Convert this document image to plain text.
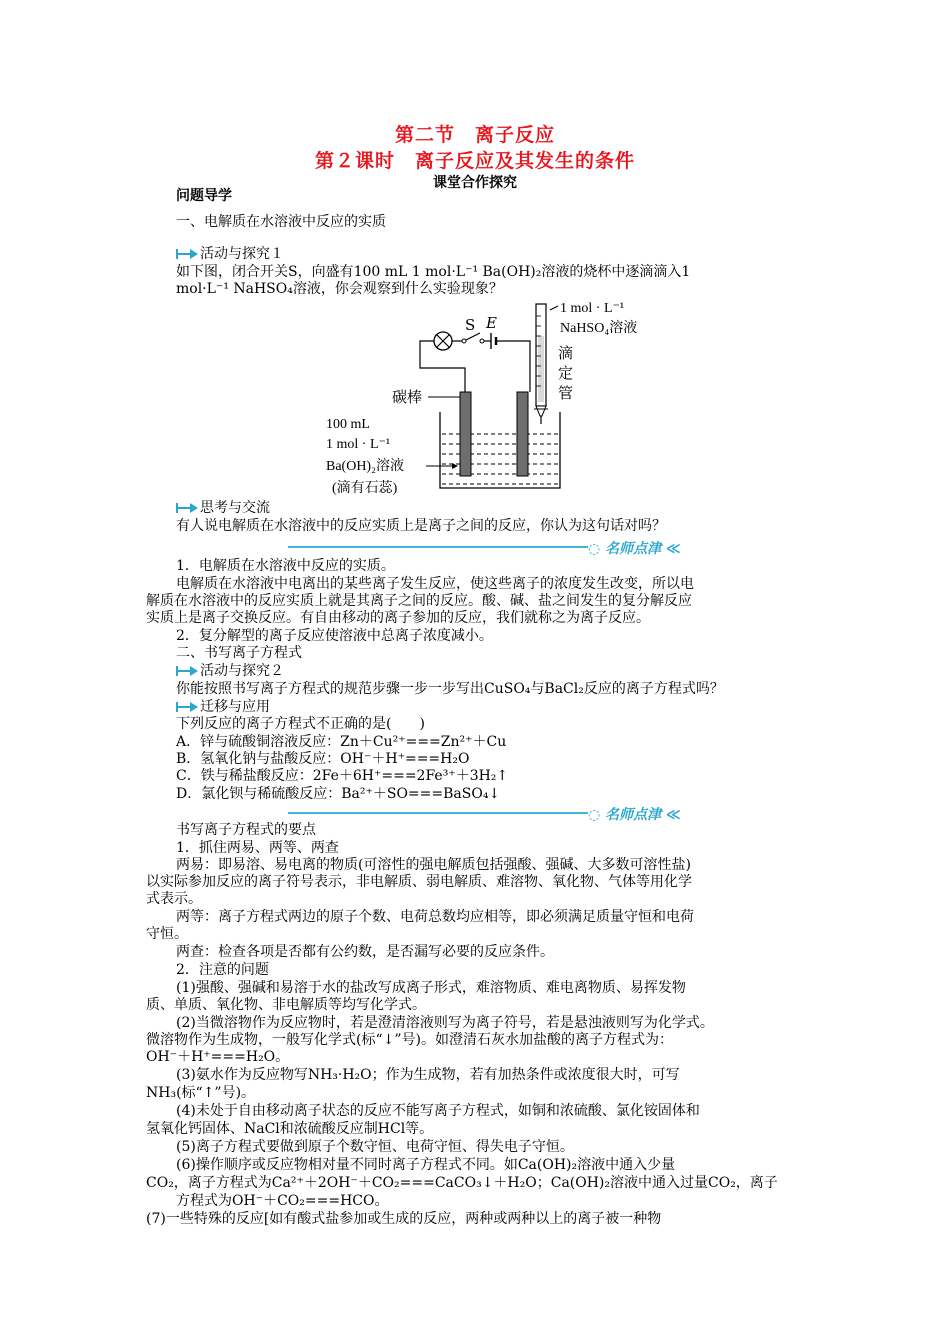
第二节　离子反应
第２课时　离子反应及其发生的条件
课堂合作探究
问题导学
一、电解质在水溶液中反应的实质
活动与探究１
如下图，闭合开关S，向盛有100 mL 1 mol·L⁻¹ Ba(OH)₂溶液的烧杯中逐滴滴入1
mol·L⁻¹ NaHSO₄溶液，你会观察到什么实验现象？
思考与交流
有人说电解质在水溶液中的反应实质上是离子之间的反应，你认为这句话对吗？
1．电解质在水溶液中反应的实质。
电解质在水溶液中电离出的某些离子发生反应，使这些离子的浓度发生改变，所以电
解质在水溶液中的反应实质上就是其离子之间的反应。酸、碱、盐之间发生的复分解反应
实质上是离子交换反应。有自由移动的离子参加的反应，我们就称之为离子反应。
2．复分解型的离子反应使溶液中总离子浓度减小。
二、书写离子方程式
活动与探究２
你能按照书写离子方程式的规范步骤一步一步写出CuSO₄与BaCl₂反应的离子方程式吗？
迁移与应用
下列反应的离子方程式不正确的是(　　)
A．锌与硫酸铜溶液反应：Zn＋Cu²⁺===Zn²⁺＋Cu
B．氢氧化钠与盐酸反应：OH⁻＋H⁺===H₂O
C．铁与稀盐酸反应：2Fe＋6H⁺===2Fe³⁺＋3H₂↑
D．氯化钡与稀硫酸反应：Ba²⁺＋SO===BaSO₄↓
书写离子方程式的要点
1．抓住两易、两等、两查
两易：即易溶、易电离的物质(可溶性的强电解质包括强酸、强碱、大多数可溶性盐)
以实际参加反应的离子符号表示，非电解质、弱电解质、难溶物、氧化物、气体等用化学
式表示。
两等：离子方程式两边的原子个数、电荷总数均应相等，即必须满足质量守恒和电荷
守恒。
两查：检查各项是否都有公约数，是否漏写必要的反应条件。
2．注意的问题
(1)强酸、强碱和易溶于水的盐改写成离子形式，难溶物质、难电离物质、易挥发物
质、单质、氧化物、非电解质等均写化学式。
(2)当微溶物作为反应物时，若是澄清溶液则写为离子符号，若是悬浊液则写为化学式。
微溶物作为生成物，一般写化学式(标“↓”号)。如澄清石灰水加盐酸的离子方程式为：
OH⁻＋H⁺===H₂O。
(3)氨水作为反应物写NH₃·H₂O；作为生成物，若有加热条件或浓度很大时，可写
NH₃(标“↑”号)。
(4)未处于自由移动离子状态的反应不能写离子方程式，如铜和浓硫酸、氯化铵固体和
氢氧化钙固体、NaCl和浓硫酸反应制HCl等。
(5)离子方程式要做到原子个数守恒、电荷守恒、得失电子守恒。
(6)操作顺序或反应物相对量不同时离子方程式不同。如Ca(OH)₂溶液中通入少量
CO₂，离子方程式为Ca²⁺＋2OH⁻＋CO₂===CaCO₃↓＋H₂O；Ca(OH)₂溶液中通入过量CO₂，离子
方程式为OH⁻＋CO₂===HCO。
(7)一些特殊的反应[如有酸式盐参加或生成的反应，两种或两种以上的离子被一种物
S E
1 mol · L⁻¹
NaHSO₄溶液
滴
定
管
碳棒
100 mL
1 mol · L⁻¹
Ba(OH)₂溶液
(滴有石蕊)
◌ 名师点津 ≪
◌ 名师点津 ≪
